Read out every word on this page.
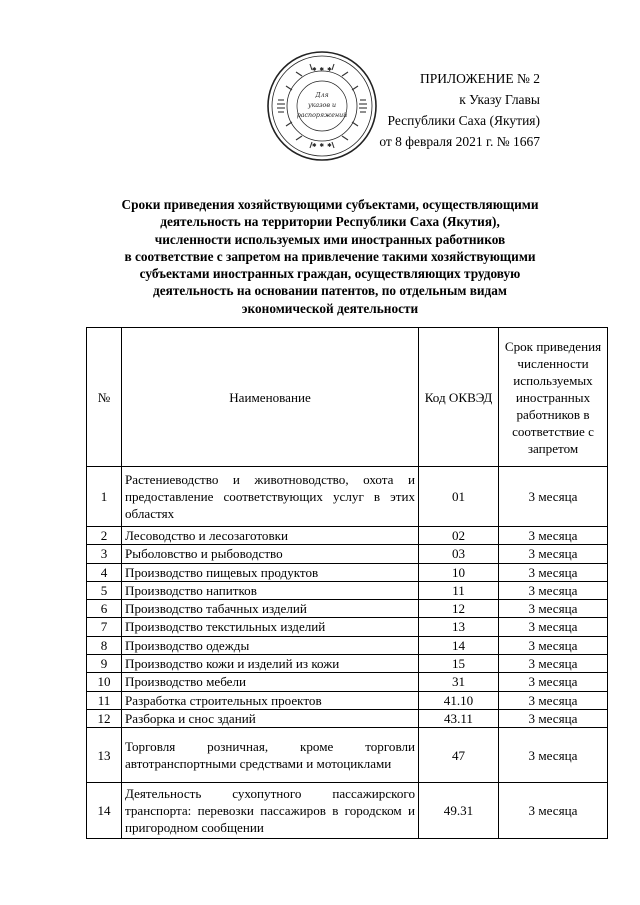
✱ ✱ ✱
✱ ✱ ✱
Для
указов и
распоряжений
ПРИЛОЖЕНИЕ № 2
к Указу Главы
Республики Саха (Якутия)
от 8 февраля 2021 г. № 1667
Сроки приведения хозяйствующими субъектами, осуществляющими
деятельность на территории Республики Саха (Якутия),
численности используемых ими иностранных работников
в соответствие с запретом на привлечение такими хозяйствующими
субъектами иностранных граждан, осуществляющих трудовую
деятельность на основании патентов, по отдельным видам
экономической деятельности
№	Наименование	Код ОКВЭД	Срок приведения численности используемых иностранных работников в соответствие с запретом
1	Растениеводство и животноводство, охота и предоставление соответствующих услуг в этих областях	01	3 месяца
2	Лесоводство и лесозаготовки	02	3 месяца
3	Рыболовство и рыбоводство	03	3 месяца
4	Производство пищевых продуктов	10	3 месяца
5	Производство напитков	11	3 месяца
6	Производство табачных изделий	12	3 месяца
7	Производство текстильных изделий	13	3 месяца
8	Производство одежды	14	3 месяца
9	Производство кожи и изделий из кожи	15	3 месяца
10	Производство мебели	31	3 месяца
11	Разработка строительных проектов	41.10	3 месяца
12	Разборка и снос зданий	43.11	3 месяца
13	Торговля розничная, кроме торговли автотранспортными средствами и мотоциклами	47	3 месяца
14	Деятельность сухопутного пассажирского транспорта: перевозки пассажиров в городском и пригородном сообщении	49.31	3 месяца
